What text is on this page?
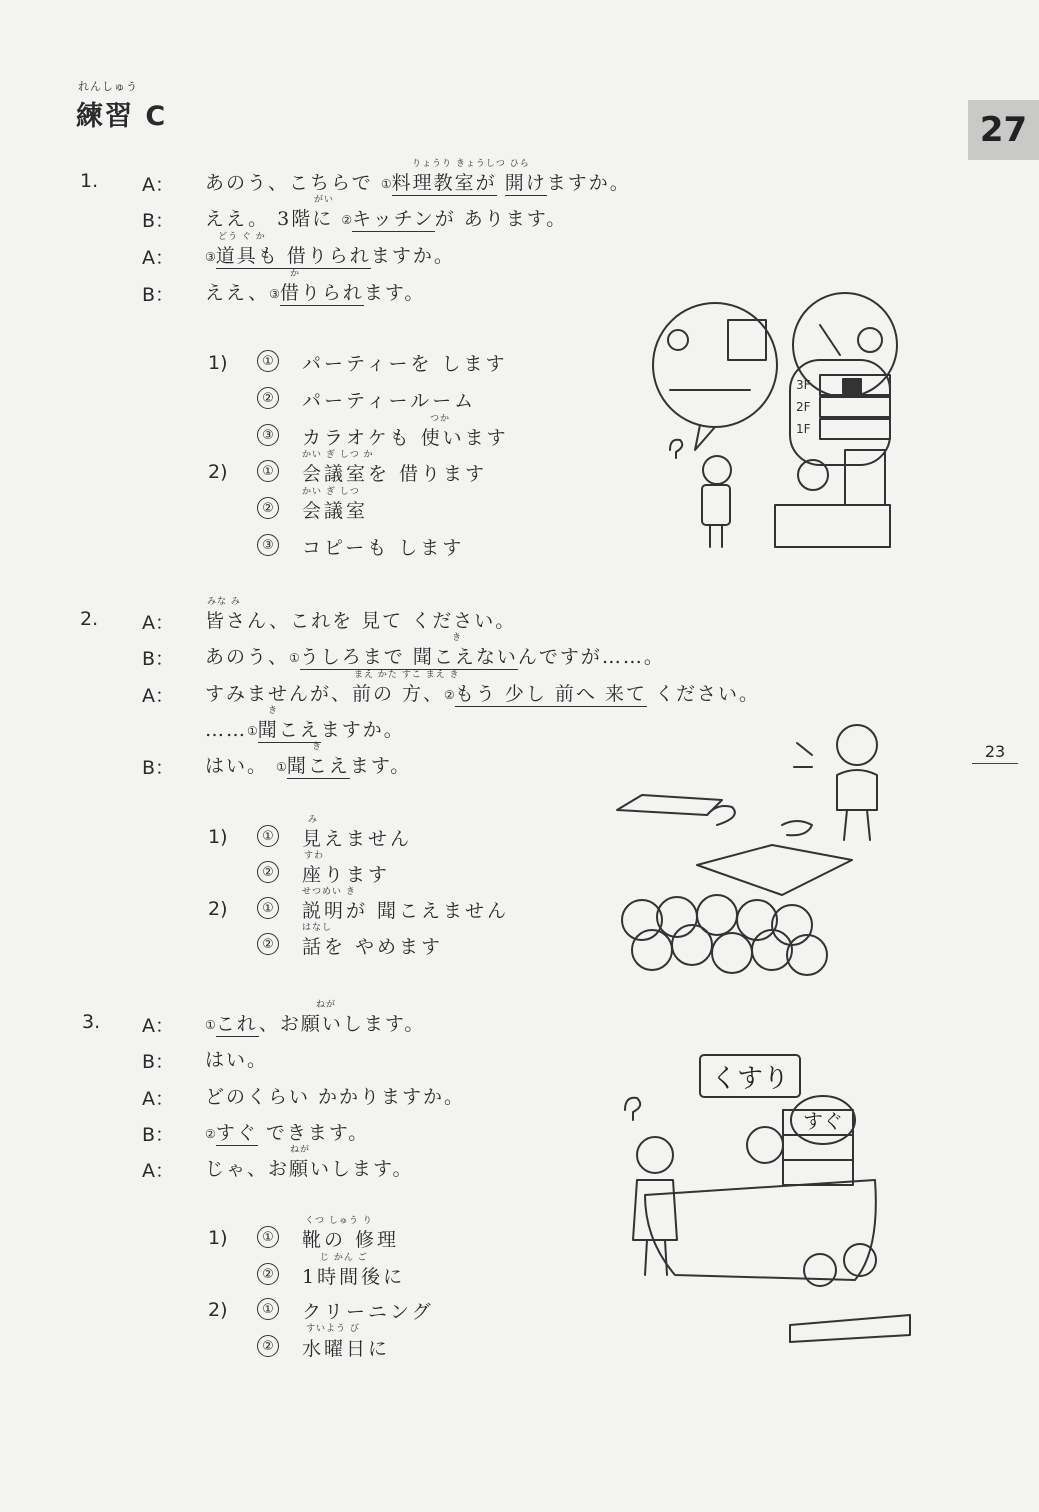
れんしゅう
練習 C	27
23
1.
りょうり きょうしつ ひら
A： あのう、こちらで ①料理教室が 開けますか。
がい
B： ええ。 3階に ②キッチンが あります。
どう ぐ か
A：	③道具も 借りられますか。
か
B： ええ、③借りられます。
1)	① パーティーを します
② パーティールーム
つか
③ カラオケも 使います
かい ぎ しつ か
2)	① 会議室を 借ります
かい ぎ しつ
② 会議室
③ コピーも します
3F
2F
1F
2.
みな み
A： 皆さん、これを 見て ください。
き
B： あのう、①うしろまで 聞こえないんですが……。
まえ かた すこ まえ き
A： すみませんが、前の 方、②もう 少し 前へ 来て ください。
き
……①聞こえますか。
き
B： はい。 ①聞こえます。
み
1)	① 見えません
すわ
② 座ります
せつめい き
2)	① 説明が 聞こえません
はなし
② 話を やめます
3.
ねが
A：	①これ、お願いします。
B： はい。
A： どのくらい かかりますか。
B：	②すぐ できます。
ねが
A： じゃ、お願いします。
くつ しゅう り
1)	① 靴の 修理
じ かん ご
② 1時間後に
2)	① クリーニング
すいよう び
② 水曜日に
くすり
すぐ
